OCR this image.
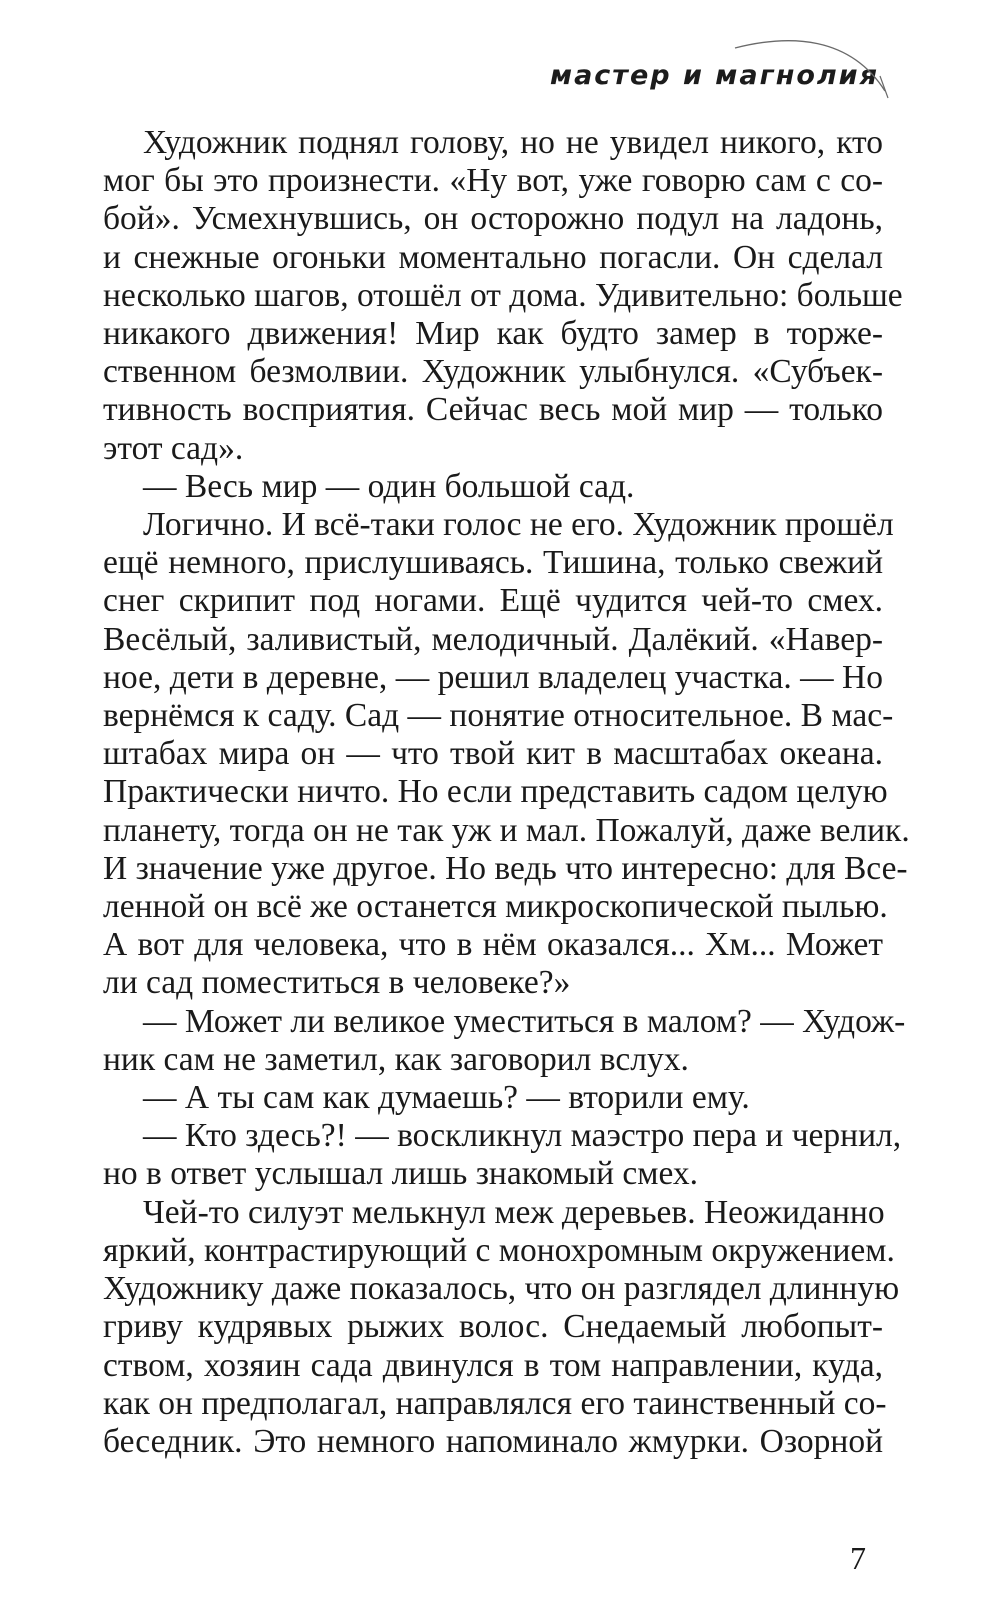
мастер и магнолия
Художник поднял голову, но не увидел никого, кто
мог бы это произнести. «Ну вот, уже говорю сам с со-
бой». Усмехнувшись, он осторожно подул на ладонь,
и снежные огоньки моментально погасли. Он сделал
несколько шагов, отошёл от дома. Удивительно: больше
никакого движения! Мир как будто замер в торже-
ственном безмолвии. Художник улыбнулся. «Субъек-
тивность восприятия. Сейчас весь мой мир — только
этот сад».
— Весь мир — один большой сад.
Логично. И всё-таки голос не его. Художник прошёл
ещё немного, прислушиваясь. Тишина, только свежий
снег скрипит под ногами. Ещё чудится чей-то смех.
Весёлый, заливистый, мелодичный. Далёкий. «Навер-
ное, дети в деревне, — решил владелец участка. — Но
вернёмся к саду. Сад — понятие относительное. В мас-
штабах мира он — что твой кит в масштабах океана.
Практически ничто. Но если представить садом целую
планету, тогда он не так уж и мал. Пожалуй, даже велик.
И значение уже другое. Но ведь что интересно: для Все-
ленной он всё же останется микроскопической пылью.
А вот для человека, что в нём оказался... Хм... Может
ли сад поместиться в человеке?»
— Может ли великое уместиться в малом? — Худож-
ник сам не заметил, как заговорил вслух.
— А ты сам как думаешь? — вторили ему.
— Кто здесь?! — воскликнул маэстро пера и чернил,
но в ответ услышал лишь знакомый смех.
Чей-то силуэт мелькнул меж деревьев. Неожиданно
яркий, контрастирующий с монохромным окружением.
Художнику даже показалось, что он разглядел длинную
гриву кудрявых рыжих волос. Снедаемый любопыт-
ством, хозяин сада двинулся в том направлении, куда,
как он предполагал, направлялся его таинственный со-
беседник. Это немного напоминало жмурки. Озорной
7
